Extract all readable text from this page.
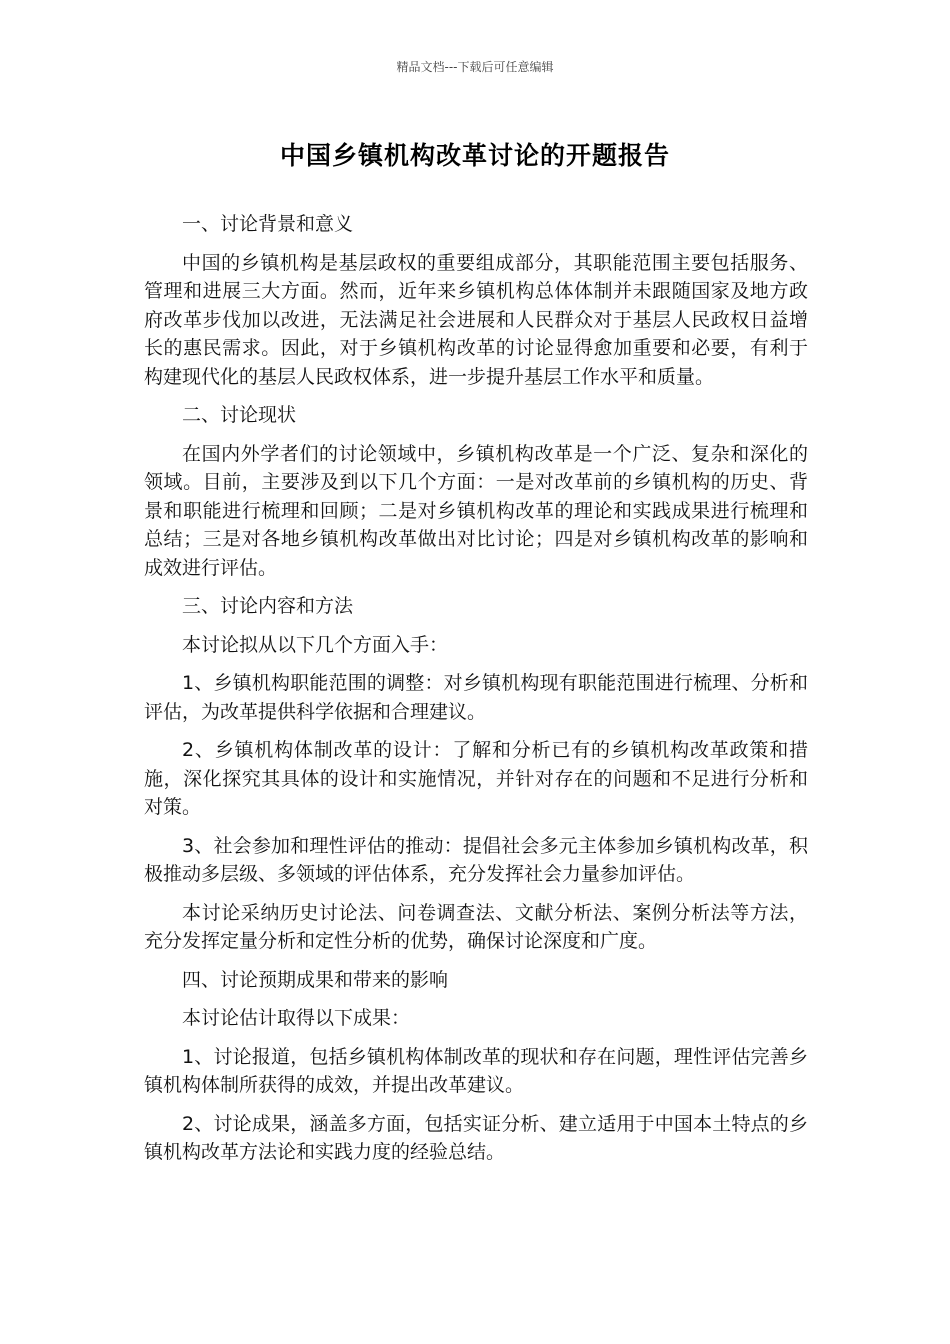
精品文档---下载后可任意编辑
中国乡镇机构改革讨论的开题报告

一、讨论背景和意义

中国的乡镇机构是基层政权的重要组成部分，其职能范围主要包括服务、管理和进展三大方面。然而，近年来乡镇机构总体体制并未跟随国家及地方政府改革步伐加以改进，无法满足社会进展和人民群众对于基层人民政权日益增长的惠民需求。因此，对于乡镇机构改革的讨论显得愈加重要和必要，有利于构建现代化的基层人民政权体系，进一步提升基层工作水平和质量。

二、讨论现状

在国内外学者们的讨论领域中，乡镇机构改革是一个广泛、复杂和深化的领域。目前，主要涉及到以下几个方面：一是对改革前的乡镇机构的历史、背景和职能进行梳理和回顾；二是对乡镇机构改革的理论和实践成果进行梳理和总结；三是对各地乡镇机构改革做出对比讨论；四是对乡镇机构改革的影响和成效进行评估。

三、讨论内容和方法

本讨论拟从以下几个方面入手：

1、乡镇机构职能范围的调整：对乡镇机构现有职能范围进行梳理、分析和评估，为改革提供科学依据和合理建议。

2、乡镇机构体制改革的设计：了解和分析已有的乡镇机构改革政策和措施，深化探究其具体的设计和实施情况，并针对存在的问题和不足进行分析和对策。

3、社会参加和理性评估的推动：提倡社会多元主体参加乡镇机构改革，积极推动多层级、多领域的评估体系，充分发挥社会力量参加评估。

本讨论采纳历史讨论法、问卷调查法、文献分析法、案例分析法等方法，充分发挥定量分析和定性分析的优势，确保讨论深度和广度。

四、讨论预期成果和带来的影响

本讨论估计取得以下成果：

1、讨论报道，包括乡镇机构体制改革的现状和存在问题，理性评估完善乡镇机构体制所获得的成效，并提出改革建议。

2、讨论成果，涵盖多方面，包括实证分析、建立适用于中国本土特点的乡镇机构改革方法论和实践力度的经验总结。
